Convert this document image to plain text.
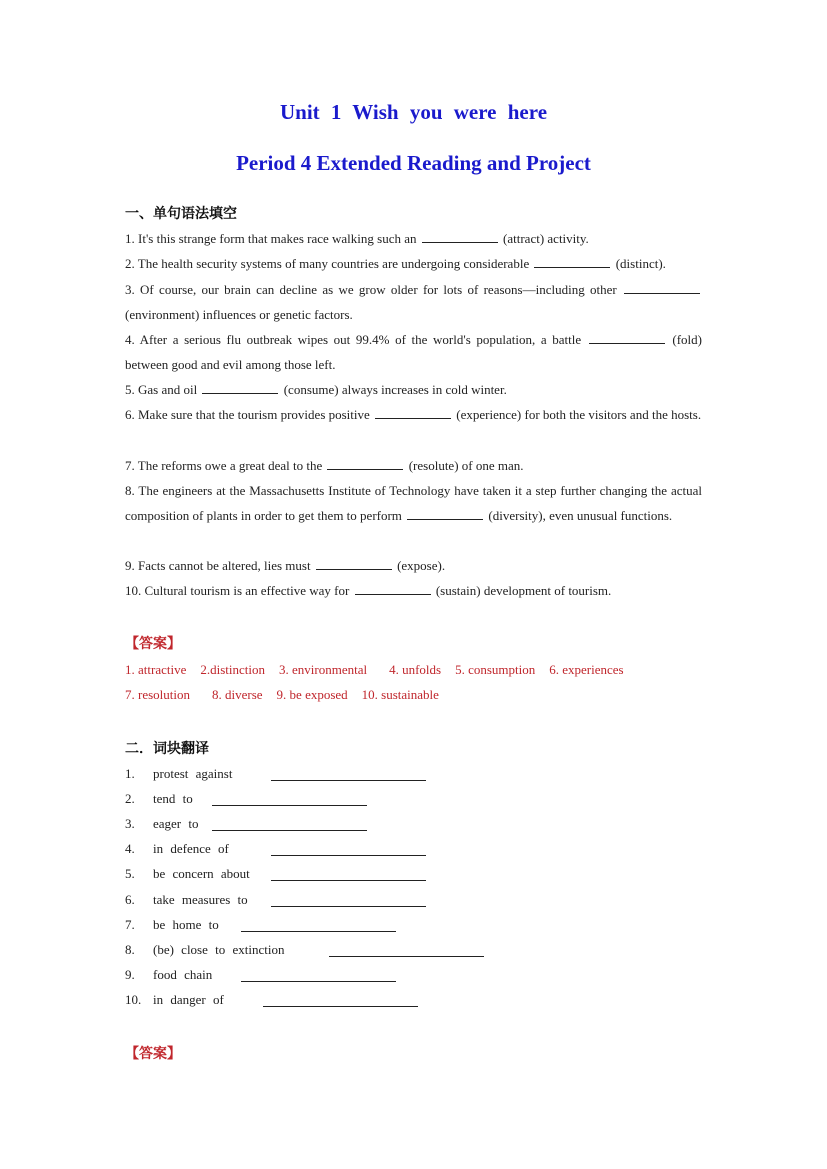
Unit 1 Wish you were here
Period 4 Extended Reading and Project
一、单句语法填空
1. It's this strange form that makes race walking such an	(attract) activity.
2. The health security systems of many countries are undergoing considerable	(distinct).
3. Of course, our brain can decline as we grow older for lots of reasons—including other  (environment) influences or genetic factors.
4. After a serious flu outbreak wipes out 99.4% of the world's population, a battle	(fold) between good and evil among those left.
5. Gas and oil	(consume) always increases in cold winter.
6. Make sure that the tourism provides positive	(experience) for both the visitors and the hosts.
7. The reforms owe a great deal to the	(resolute) of one man.
8. The engineers at the Massachusetts Institute of Technology have taken it a step further changing the actual composition of plants in order to get them to perform	(diversity), even unusual functions.
9. Facts cannot be altered, lies must	(expose).
10. Cultural tourism is an effective way for	(sustain) development of tourism.
【答案】
1. attractive 2.distinction 3. environmental 4. unfolds 5. consumption 6. experiences
7. resolution 8. diverse 9. be exposed 10. sustainable
二．词块翻译
1. protest against
2. tend to
3. eager to
4. in defence of
5. be concern about
6. take measures to
7. be home to
8. (be) close to extinction
9. food chain
10. in danger of
【答案】
